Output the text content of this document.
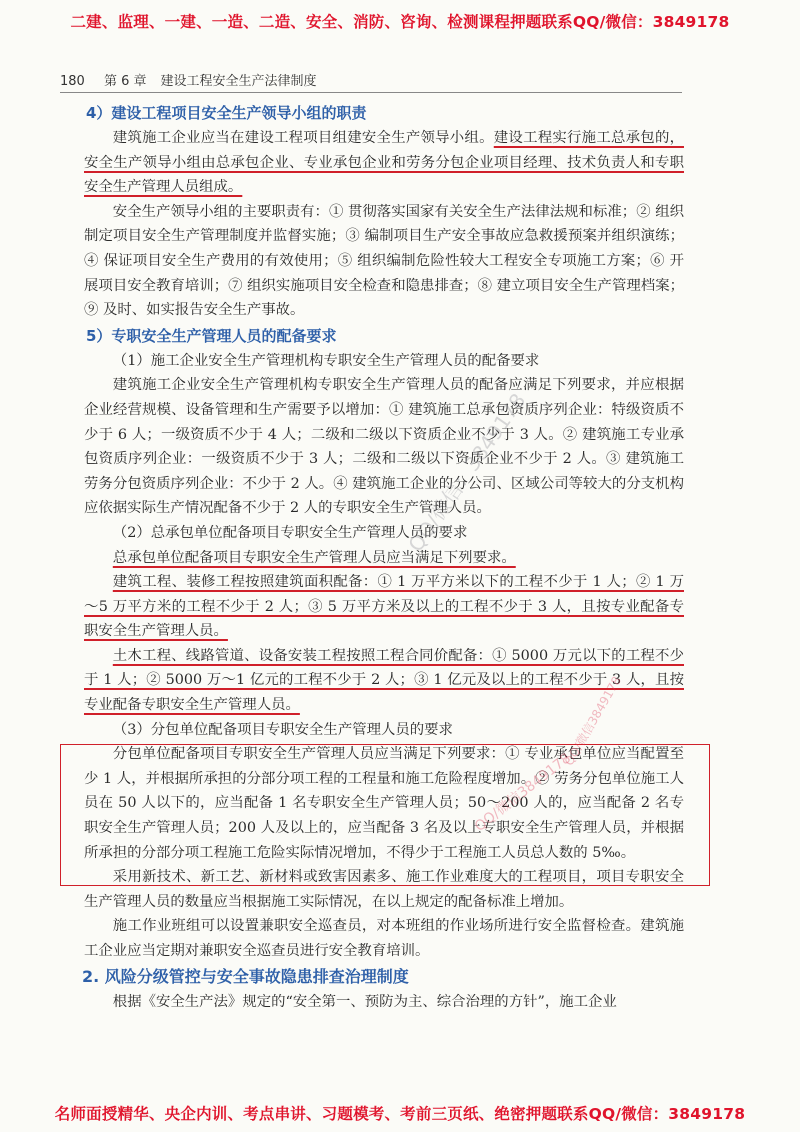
二建、监理、一建、一造、二造、安全、消防、咨询、检测课程押题联系QQ/微信：3849178
180 第 6 章 建设工程安全生产法律制度

4）建设工程项目安全生产领导小组的职责

建筑施工企业应当在建设工程项目组建安全生产领导小组。建设工程实行施工总承包的，安全生产领导小组由总承包企业、专业承包企业和劳务分包企业项目经理、技术负责人和专职安全生产管理人员组成。

安全生产领导小组的主要职责有：① 贯彻落实国家有关安全生产法律法规和标准；② 组织制定项目安全生产管理制度并监督实施；③ 编制项目生产安全事故应急救援预案并组织演练；④ 保证项目安全生产费用的有效使用；⑤ 组织编制危险性较大工程安全专项施工方案；⑥ 开展项目安全教育培训；⑦ 组织实施项目安全检查和隐患排查；⑧ 建立项目安全生产管理档案；⑨ 及时、如实报告安全生产事故。

5）专职安全生产管理人员的配备要求

（1）施工企业安全生产管理机构专职安全生产管理人员的配备要求

建筑施工企业安全生产管理机构专职安全生产管理人员的配备应满足下列要求，并应根据企业经营规模、设备管理和生产需要予以增加：① 建筑施工总承包资质序列企业：特级资质不少于 6 人；一级资质不少于 4 人；二级和二级以下资质企业不少于 3 人。② 建筑施工专业承包资质序列企业：一级资质不少于 3 人；二级和二级以下资质企业不少于 2 人。③ 建筑施工劳务分包资质序列企业：不少于 2 人。④ 建筑施工企业的分公司、区域公司等较大的分支机构应依据实际生产情况配备不少于 2 人的专职安全生产管理人员。

（2）总承包单位配备项目专职安全生产管理人员的要求

总承包单位配备项目专职安全生产管理人员应当满足下列要求。

建筑工程、装修工程按照建筑面积配备：① 1 万平方米以下的工程不少于 1 人；② 1 万～5 万平方米的工程不少于 2 人；③ 5 万平方米及以上的工程不少于 3 人，且按专业配备专职安全生产管理人员。

土木工程、线路管道、设备安装工程按照工程合同价配备：① 5000 万元以下的工程不少于 1 人；② 5000 万～1 亿元的工程不少于 2 人；③ 1 亿元及以上的工程不少于 3 人，且按专业配备专职安全生产管理人员。

（3）分包单位配备项目专职安全生产管理人员的要求

分包单位配备项目专职安全生产管理人员应当满足下列要求：① 专业承包单位应当配置至少 1 人，并根据所承担的分部分项工程的工程量和施工危险程度增加。② 劳务分包单位施工人员在 50 人以下的，应当配备 1 名专职安全生产管理人员；50～200 人的，应当配备 2 名专职安全生产管理人员；200 人及以上的，应当配备 3 名及以上专职安全生产管理人员，并根据所承担的分部分项工程施工危险实际情况增加，不得少于工程施工人员总人数的 5‰。

采用新技术、新工艺、新材料或致害因素多、施工作业难度大的工程项目，项目专职安全生产管理人员的数量应当根据施工实际情况，在以上规定的配备标准上增加。

施工作业班组可以设置兼职安全巡查员，对本班组的作业场所进行安全监督检查。建筑施工企业应当定期对兼职安全巡查员进行安全教育培训。

2. 风险分级管控与安全事故隐患排查治理制度

根据《安全生产法》规定的“安全第一、预防为主、综合治理的方针”，施工企业

QQ/微信：3849178
QQ/微信3849178
QQ/微信3849178
名师面授精华、央企内训、考点串讲、习题模考、考前三页纸、绝密押题联系QQ/微信：3849178
